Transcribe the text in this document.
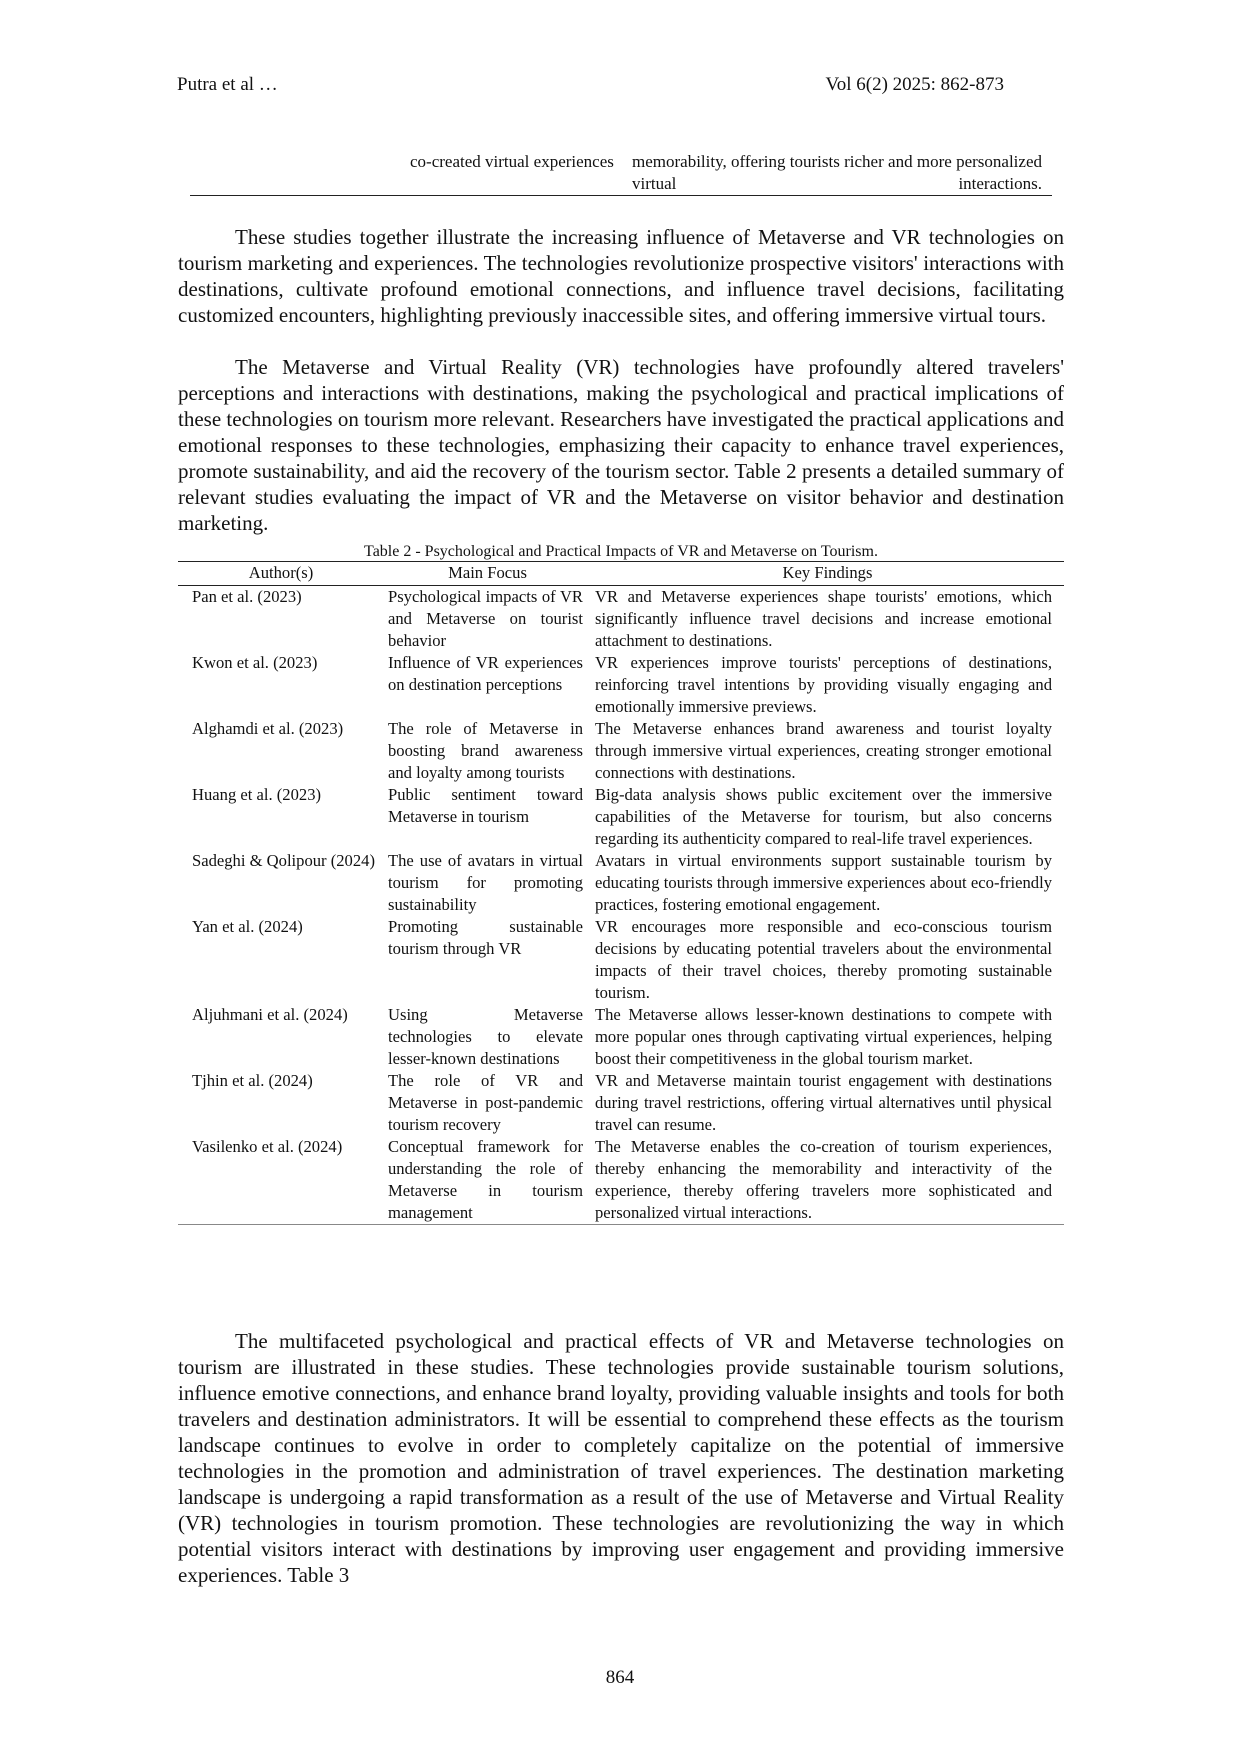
Putra et al …	Vol 6(2) 2025: 862-873
co-created virtual experiences	memorability, offering tourists richer and more personalized virtual interactions.

These studies together illustrate the increasing influence of Metaverse and VR technologies on tourism marketing and experiences. The technologies revolutionize prospective visitors' interactions with destinations, cultivate profound emotional connections, and influence travel decisions, facilitating customized encounters, highlighting previously inaccessible sites, and offering immersive virtual tours.

The Metaverse and Virtual Reality (VR) technologies have profoundly altered travelers' perceptions and interactions with destinations, making the psychological and practical implications of these technologies on tourism more relevant. Researchers have investigated the practical applications and emotional responses to these technologies, emphasizing their capacity to enhance travel experiences, promote sustainability, and aid the recovery of the tourism sector. Table 2 presents a detailed summary of relevant studies evaluating the impact of VR and the Metaverse on visitor behavior and destination marketing.

Table 2 - Psychological and Practical Impacts of VR and Metaverse on Tourism.
Author(s)	Main Focus	Key Findings
Pan et al. (2023)	Psychological impacts of VR and Metaverse on tourist behavior	VR and Metaverse experiences shape tourists' emotions, which significantly influence travel decisions and increase emotional attachment to destinations.
Kwon et al. (2023)	Influence of VR experiences on destination perceptions	VR experiences improve tourists' perceptions of destinations, reinforcing travel intentions by providing visually engaging and emotionally immersive previews.
Alghamdi et al. (2023)	The role of Metaverse in boosting brand awareness and loyalty among tourists	The Metaverse enhances brand awareness and tourist loyalty through immersive virtual experiences, creating stronger emotional connections with destinations.
Huang et al. (2023)	Public sentiment toward Metaverse in tourism	Big-data analysis shows public excitement over the immersive capabilities of the Metaverse for tourism, but also concerns regarding its authenticity compared to real-life travel experiences.
Sadeghi & Qolipour (2024)	The use of avatars in virtual tourism for promoting sustainability	Avatars in virtual environments support sustainable tourism by educating tourists through immersive experiences about eco-friendly practices, fostering emotional engagement.
Yan et al. (2024)	Promoting sustainable tourism through VR	VR encourages more responsible and eco-conscious tourism decisions by educating potential travelers about the environmental impacts of their travel choices, thereby promoting sustainable tourism.
Aljuhmani et al. (2024)	Using Metaverse technologies to elevate lesser-known destinations	The Metaverse allows lesser-known destinations to compete with more popular ones through captivating virtual experiences, helping boost their competitiveness in the global tourism market.
Tjhin et al. (2024)	The role of VR and Metaverse in post-pandemic tourism recovery	VR and Metaverse maintain tourist engagement with destinations during travel restrictions, offering virtual alternatives until physical travel can resume.
Vasilenko et al. (2024)	Conceptual framework for understanding the role of Metaverse in tourism management	The Metaverse enables the co-creation of tourism experiences, thereby enhancing the memorability and interactivity of the experience, thereby offering travelers more sophisticated and personalized virtual interactions.

The multifaceted psychological and practical effects of VR and Metaverse technologies on tourism are illustrated in these studies. These technologies provide sustainable tourism solutions, influence emotive connections, and enhance brand loyalty, providing valuable insights and tools for both travelers and destination administrators. It will be essential to comprehend these effects as the tourism landscape continues to evolve in order to completely capitalize on the potential of immersive technologies in the promotion and administration of travel experiences. The destination marketing landscape is undergoing a rapid transformation as a result of the use of Metaverse and Virtual Reality (VR) technologies in tourism promotion. These technologies are revolutionizing the way in which potential visitors interact with destinations by improving user engagement and providing immersive experiences. Table 3

864
